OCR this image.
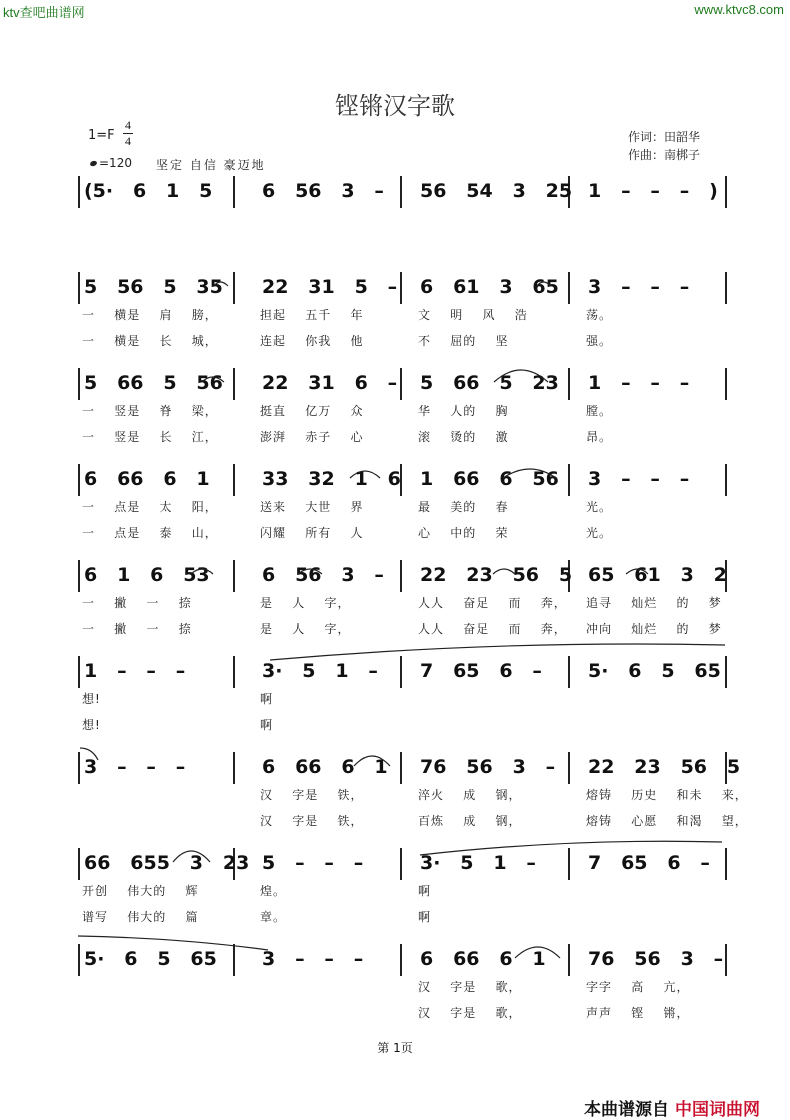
ktv查吧曲谱网	www.ktvc8.com
铿锵汉字歌
1=F
4
4
=120 坚定 自信 豪迈地
作词：田韶华
作曲：南梆子
(5·   6   1   5	6   56   3   – 56   54   3   25 1   –   –   –   )
5   56   5   35 22   31   5   – 6   61   3   65 3   –   –   –
一    横是    肩    膀，	担起    五千    年	文    明    风    浩	荡。
一    横是    长    城，	连起    你我    他	不    屈的    坚	强。
5   66   5   56 22   31   6   – 5   66   5   23 1   –   –   –
一    竖是    脊    梁，	挺直    亿万    众	华    人的    胸	膛。
一    竖是    长    江，	澎湃    赤子    心	滚    烫的    激	昂。
6   66   6   1	33   32   1   6 1   66   6   56 3   –   –   –
一    点是    太    阳，	送来    大世    界	最    美的    春	光。
一    点是    泰    山，	闪耀    所有    人	心    中的    荣	光。
6   1   6   53	6   56   3   – 22   23   56   5 65   61   3   2
一    撇    一    捺	是    人    字，	人人    奋足    而    奔， 追寻    灿烂    的    梦
一    撇    一    捺	是    人    字，	人人    奋足    而    奔， 冲向    灿烂    的    梦
1   –   –   –	3·   5   1   – 7   65   6   – 5·   6   5   65
想!	啊
想!	啊
3   –   –   –	6   66   6   1 76   56   3   – 22   23   56   5
汉    字是    铁，	淬火    成    钢，	熔铸    历史    和未    来，
汉    字是    铁，	百炼    成    钢，	熔铸    心愿    和渴    望，
66   655   3   23 5   –   –   –	3·   5   1   –	7   65   6   –
开创    伟大的    辉	煌。	啊
谱写    伟大的    篇	章。	啊
5·   6   5   65 3   –   –   –	6   66   6   1 76   56   3   –
汉    字是    歌，	字字    高    亢，
汉    字是    歌，	声声    铿    锵，
第 1页
本曲谱源自 中国词曲网
